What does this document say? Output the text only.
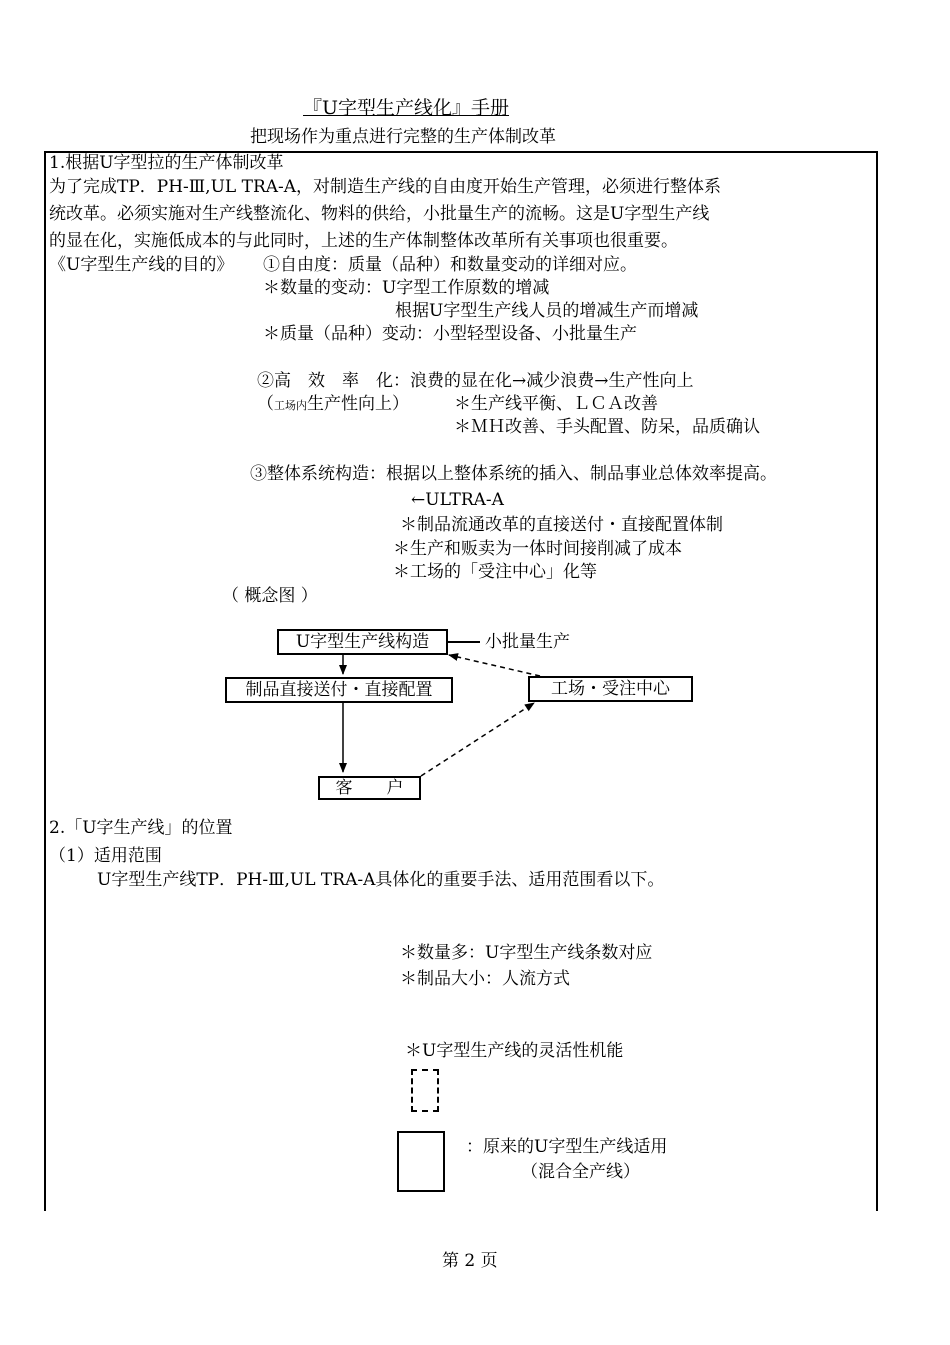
『U字型生产线化』手册
把现场作为重点进行完整的生产体制改革
1.根据U字型拉的生产体制改革
为了完成TP．PH-Ⅲ,UL TRA-A，对制造生产线的自由度开始生产管理，必须进行整体系
统改革。必须实施对生产线整流化、物料的供给，小批量生产的流畅。这是U字型生产线
的显在化，实施低成本的与此同时，上述的生产体制整体改革所有关事项也很重要。
《U字型生产线的目的》 ①自由度：质量（品种）和数量变动的详细对应。
＊数量的变动：U字型工作原数的增减
根据U字型生产线人员的增减生产而增减
＊质量（品种）变动：小型轻型设备、小批量生产
②高　效　率　化：浪费的显在化→减少浪费→生产性向上
（工场内生产性向上）	＊生产线平衡、ＬＣＡ改善
＊ＭＨ改善、手头配置、防呆，品质确认
③整体系统构造：根据以上整体系统的插入、制品事业总体效率提高。
←ULTRA-A
＊制品流通改革的直接送付・直接配置体制
＊生产和贩卖为一体时间接削减了成本
＊工场的「受注中心」化等
（ 概念图 ）
U字型生产线构造	小批量生产
制品直接送付・直接配置	工场・受注中心
客　　户
2.「U字生产线」的位置
（1）适用范围
U字型生产线TP．PH-Ⅲ,UL TRA-A具体化的重要手法、适用范围看以下。
＊数量多：U字型生产线条数对应
＊制品大小：人流方式
＊U字型生产线的灵活性机能
：原来的U字型生产线适用
（混合全产线）
第 2 页
